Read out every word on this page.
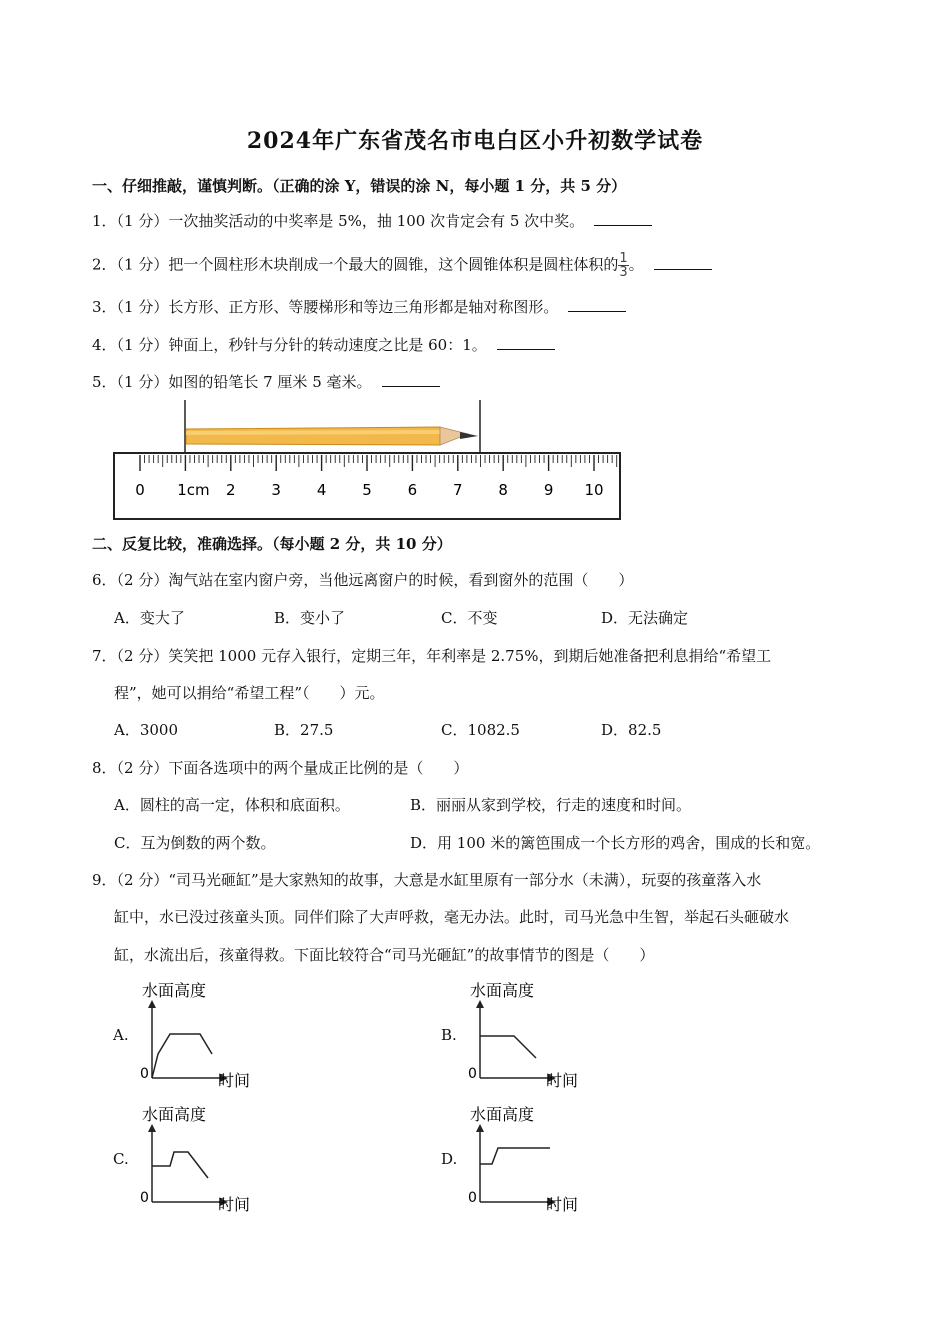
2024年广东省茂名市电白区小升初数学试卷
一、仔细推敲，谨慎判断。（正确的涂 Y，错误的涂 N，每小题 1 分，共 5 分）
1．（1 分）一次抽奖活动的中奖率是 5%，抽 100 次肯定会有 5 次中奖。
2．（1 分）把一个圆柱形木块削成一个最大的圆锥，这个圆锥体积是圆柱体积的 $\frac{1}{3}$ 。
3．（1 分）长方形、正方形、等腰梯形和等边三角形都是轴对称图形。
4．（1 分）钟面上，秒针与分针的转动速度之比是 60：1。
5．（1 分）如图的铅笔长 7 厘米 5 毫米。
0 1cm 2 3 4 5 6 7 8 9 10
二、反复比较，准确选择。（每小题 2 分，共 10 分）
6．（2 分）淘气站在室内窗户旁，当他远离窗户的时候，看到窗外的范围（　　）
A．变大了	B．变小了	C．不变	D．无法确定
7．（2 分）笑笑把 1000 元存入银行，定期三年，年利率是 2.75%，到期后她准备把利息捐给“希望工
程”，她可以捐给“希望工程”（　　）元。
A．3000	B．27.5	C．1082.5	D．82.5
8．（2 分）下面各选项中的两个量成正比例的是（　　）
A．圆柱的高一定，体积和底面积。	B．丽丽从家到学校，行走的速度和时间。
C．互为倒数的两个数。	D．用 100 米的篱笆围成一个长方形的鸡舍，围成的长和宽。
9．（2 分）“司马光砸缸”是大家熟知的故事，大意是水缸里原有一部分水（未满），玩耍的孩童落入水
缸中，水已没过孩童头顶。同伴们除了大声呼救，毫无办法。此时，司马光急中生智，举起石头砸破水
缸，水流出后，孩童得救。下面比较符合“司马光砸缸”的故事情节的图是（　　）
A.	B.
C.	D.
水面高度
0	时间
水面高度
0	时间
水面高度
0	时间
水面高度
0	时间
